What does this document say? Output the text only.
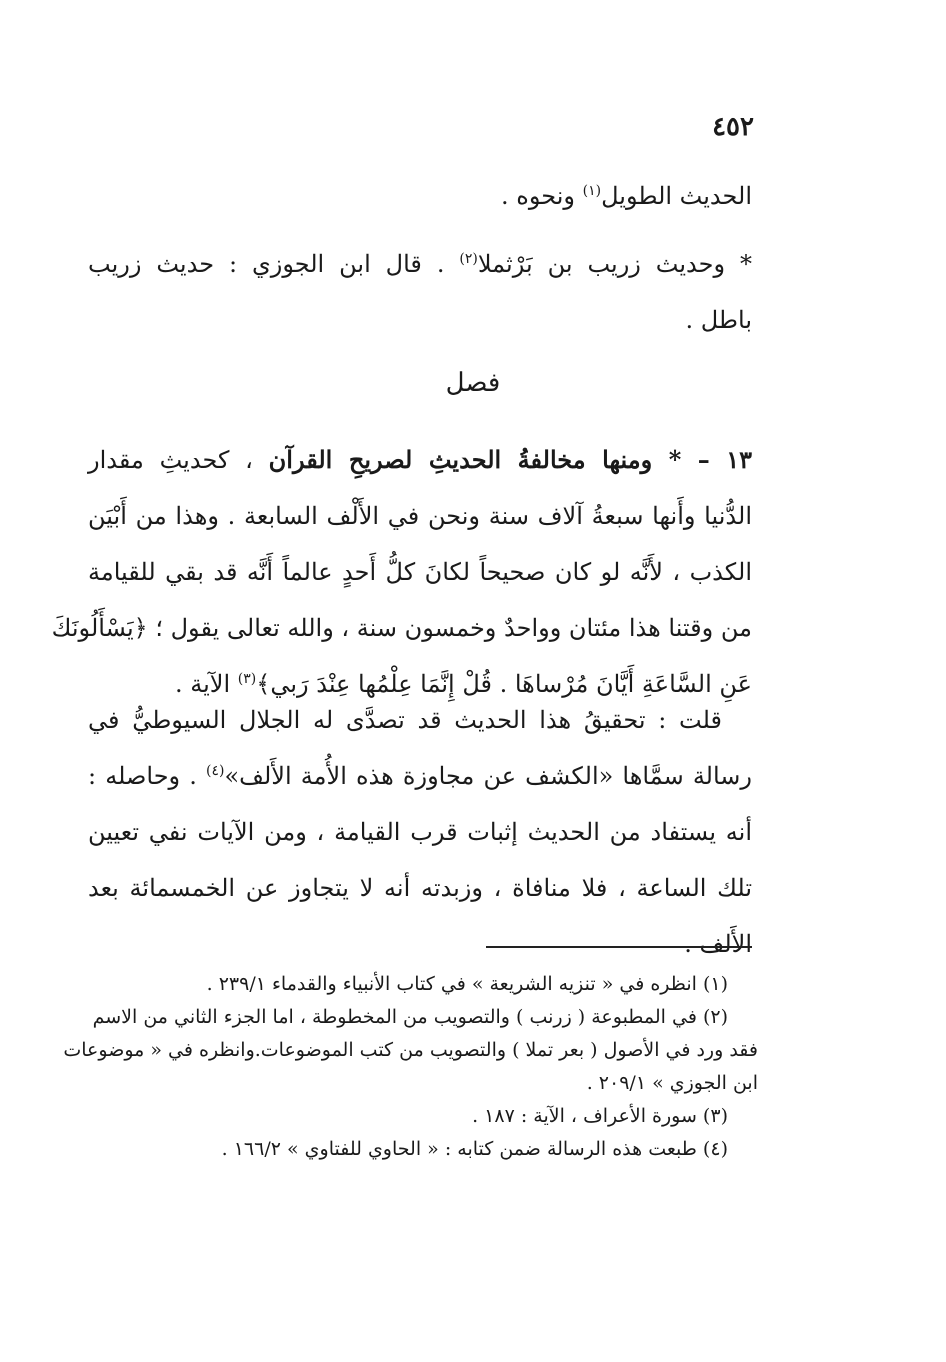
٤٥٢

الحديث الطويل$^{(١)}$ ونحوه .

* وحديث زريب بن بَرْثملا$^{(٢)}$ . قال ابن الجوزي : حديث زريب
باطل .

فصل

١٣ – * ومنها مخالفةُ الحديثِ لصريحِ القرآن ، كحديثِ مقدار
الدُّنيا وأَنها سبعةُ آلاف سنة ونحن في الأَلْف السابعة . وهذا من أَبْيَن
الكذب ، لأَنَّه لو كان صحيحاً لكانَ كلُّ أَحدٍ عالماً أَنَّه قد بقي للقيامة
من وقتنا هذا مئتان وواحدٌ وخمسون سنة ، والله تعالى يقول ؛ ﴿يَسْأَلُونَكَ
عَنِ السَّاعَةِ أَيَّانَ مُرْساهَا . قُلْ إِنَّمَا عِلْمُها عِنْدَ رَبي﴾$^{(٣)}$ الآية .

قلت : تحقيقُ هذا الحديث قد تصدَّى له الجلال السيوطيُّ في
رسالة سمَّاها «الكشف عن مجاوزة هذه الأُمة الأَلف»$^{(٤)}$ . وحاصله :
أنه يستفاد من الحديث إثبات قرب القيامة ، ومن الآيات نفي تعيين
تلك الساعة ، فلا منافاة ، وزبدته أنه لا يتجاوز عن الخمسمائة بعد
الأَلف .

(١) انظره في « تنزيه الشريعة » في كتاب الأنبياء والقدماء ٢٣٩/١ .
(٢) في المطبوعة ( زرنب ) والتصويب من المخطوطة ، اما الجزء الثاني من الاسم
فقد ورد في الأصول ( بعر تملا ) والتصويب من كتب الموضوعات.وانظره في « موضوعات
ابن الجوزي » ٢٠٩/١ .
(٣) سورة الأعراف ، الآية : ١٨٧ .
(٤) طبعت هذه الرسالة ضمن كتابه : « الحاوي للفتاوي » ١٦٦/٢ .
